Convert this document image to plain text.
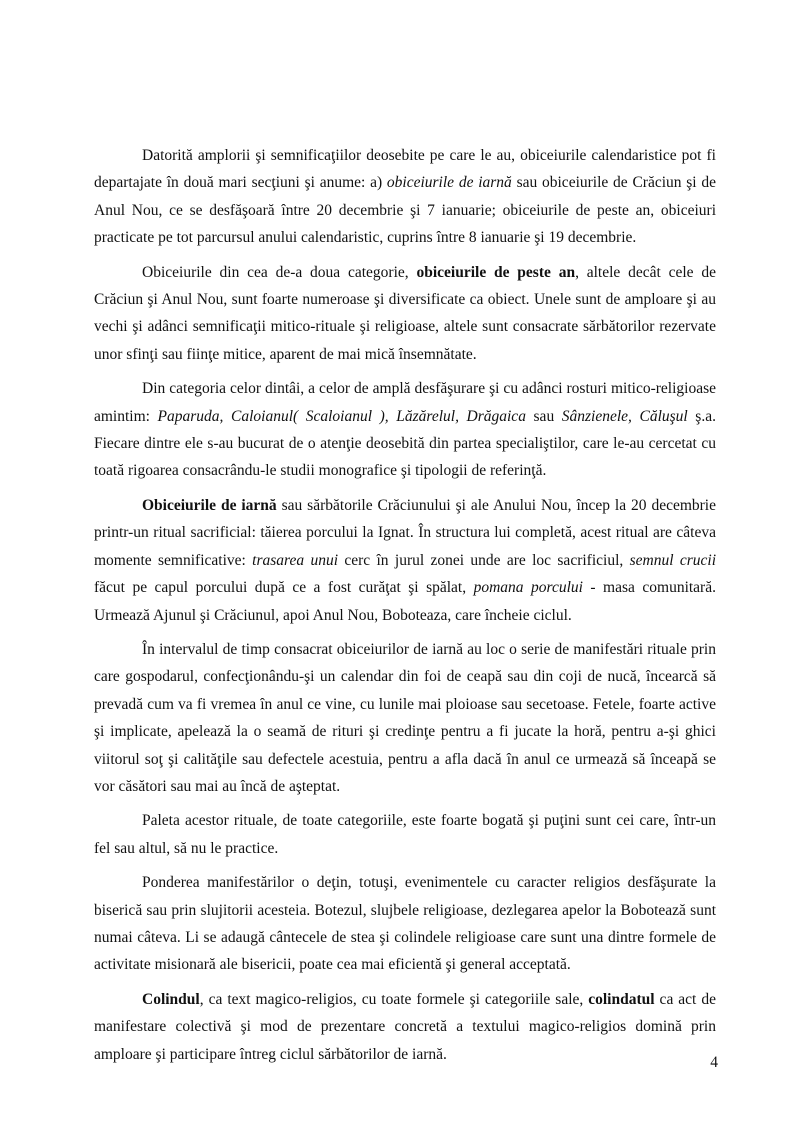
Datorită amplorii şi semnificaţiilor deosebite pe care le au, obiceiurile calendaristice pot fi departajate în două mari secţiuni şi anume: a) obiceiurile de iarnă sau obiceiurile de Crăciun şi de Anul Nou, ce se desfăşoară între 20 decembrie şi 7 ianuarie; obiceiurile de peste an, obiceiuri practicate pe tot parcursul anului calendaristic, cuprins între 8 ianuarie şi 19 decembrie.

Obiceiurile din cea de-a doua categorie, obiceiurile de peste an, altele decât cele de Crăciun şi Anul Nou, sunt foarte numeroase şi diversificate ca obiect. Unele sunt de amploare şi au vechi şi adânci semnificaţii mitico-rituale şi religioase, altele sunt consacrate sărbătorilor rezervate unor sfinţi sau fiinţe mitice, aparent de mai mică însemnătate.

Din categoria celor dintâi, a celor de amplă desfăşurare şi cu adânci rosturi mitico-religioase amintim: Paparuda, Caloianul( Scaloianul ), Lăzărelul, Drăgaica sau Sânzienele, Căluşul ş.a. Fiecare dintre ele s-au bucurat de o atenţie deosebită din partea specialiştilor, care le-au cercetat cu toată rigoarea consacrându-le studii monografice şi tipologii de referinţă.

Obiceiurile de iarnă sau sărbătorile Crăciunului şi ale Anului Nou, încep la 20 decembrie printr-un ritual sacrificial: tăierea porcului la Ignat. În structura lui completă, acest ritual are câteva momente semnificative: trasarea unui cerc în jurul zonei unde are loc sacrificiul, semnul crucii făcut pe capul porcului după ce a fost curăţat şi spălat, pomana porcului - masa comunitară. Urmează Ajunul şi Crăciunul, apoi Anul Nou, Boboteaza, care încheie ciclul.

În intervalul de timp consacrat obiceiurilor de iarnă au loc o serie de manifestări rituale prin care gospodarul, confecţionându-şi un calendar din foi de ceapă sau din coji de nucă, încearcă să prevadă cum va fi vremea în anul ce vine, cu lunile mai ploioase sau secetoase. Fetele, foarte active şi implicate, apelează la o seamă de rituri şi credinţe pentru a fi jucate la horă, pentru a-şi ghici viitorul soţ şi calităţile sau defectele acestuia, pentru a afla dacă în anul ce urmează să înceapă se vor căsători sau mai au încă de aşteptat.

Paleta acestor rituale, de toate categoriile, este foarte bogată şi puţini sunt cei care, într-un fel sau altul, să nu le practice.

Ponderea manifestărilor o deţin, totuşi, evenimentele cu caracter religios desfăşurate la biserică sau prin slujitorii acesteia. Botezul, slujbele religioase, dezlegarea apelor la Bobotează sunt numai câteva. Li se adaugă cântecele de stea şi colindele religioase care sunt una dintre formele de activitate misionară ale bisericii, poate cea mai eficientă şi general acceptată.

Colindul, ca text magico-religios, cu toate formele şi categoriile sale, colindatul ca act de manifestare colectivă şi mod de prezentare concretă a textului magico-religios domină prin amploare şi participare întreg ciclul sărbătorilor de iarnă.	4
